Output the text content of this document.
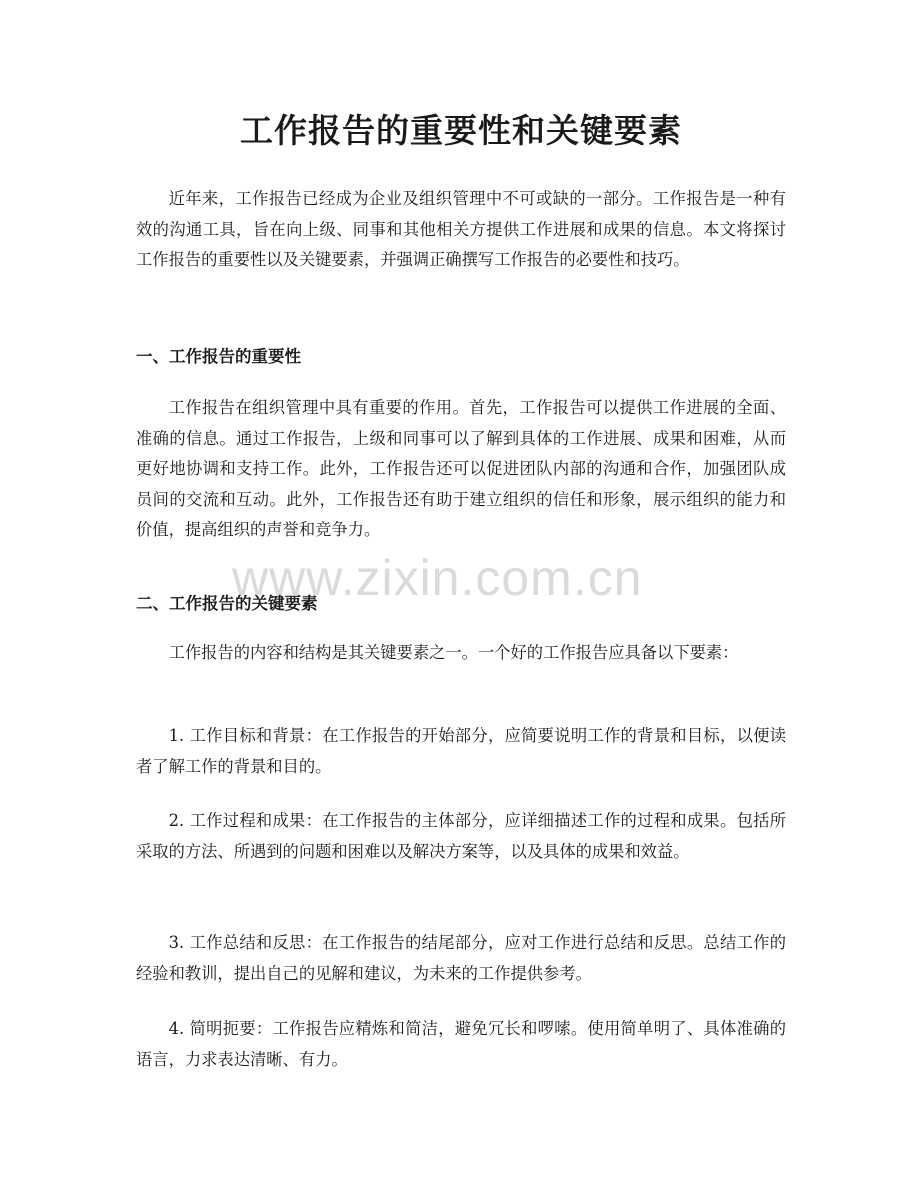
工作报告的重要性和关键要素

近年来，工作报告已经成为企业及组织管理中不可或缺的一部分。工作报告是一种有效的沟通工具，旨在向上级、同事和其他相关方提供工作进展和成果的信息。本文将探讨工作报告的重要性以及关键要素，并强调正确撰写工作报告的必要性和技巧。

一、工作报告的重要性

工作报告在组织管理中具有重要的作用。首先，工作报告可以提供工作进展的全面、准确的信息。通过工作报告，上级和同事可以了解到具体的工作进展、成果和困难，从而更好地协调和支持工作。此外，工作报告还可以促进团队内部的沟通和合作，加强团队成员间的交流和互动。此外，工作报告还有助于建立组织的信任和形象，展示组织的能力和价值，提高组织的声誉和竞争力。

二、工作报告的关键要素

工作报告的内容和结构是其关键要素之一。一个好的工作报告应具备以下要素：

1. 工作目标和背景：在工作报告的开始部分，应简要说明工作的背景和目标，以便读者了解工作的背景和目的。

2. 工作过程和成果：在工作报告的主体部分，应详细描述工作的过程和成果。包括所采取的方法、所遇到的问题和困难以及解决方案等，以及具体的成果和效益。

3. 工作总结和反思：在工作报告的结尾部分，应对工作进行总结和反思。总结工作的经验和教训，提出自己的见解和建议，为未来的工作提供参考。

4. 简明扼要：工作报告应精炼和简洁，避免冗长和啰嗦。使用简单明了、具体准确的语言，力求表达清晰、有力。

www.zixin.com.cn
